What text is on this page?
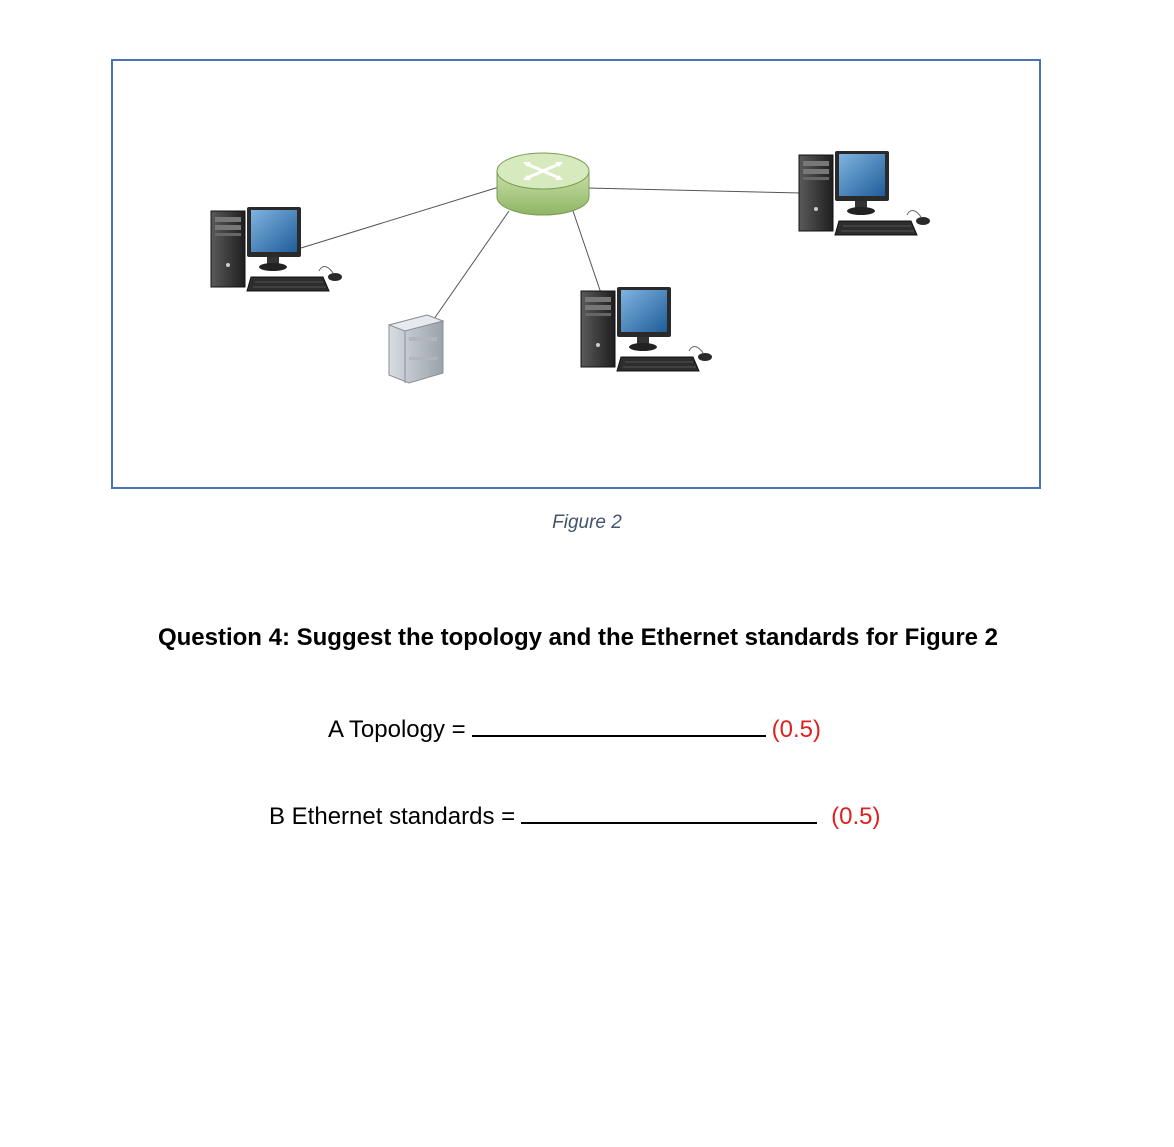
Figure 2
Question 4: Suggest the topology and the Ethernet standards for Figure 2
A Topology =	(0.5)
B Ethernet standards =	(0.5)
